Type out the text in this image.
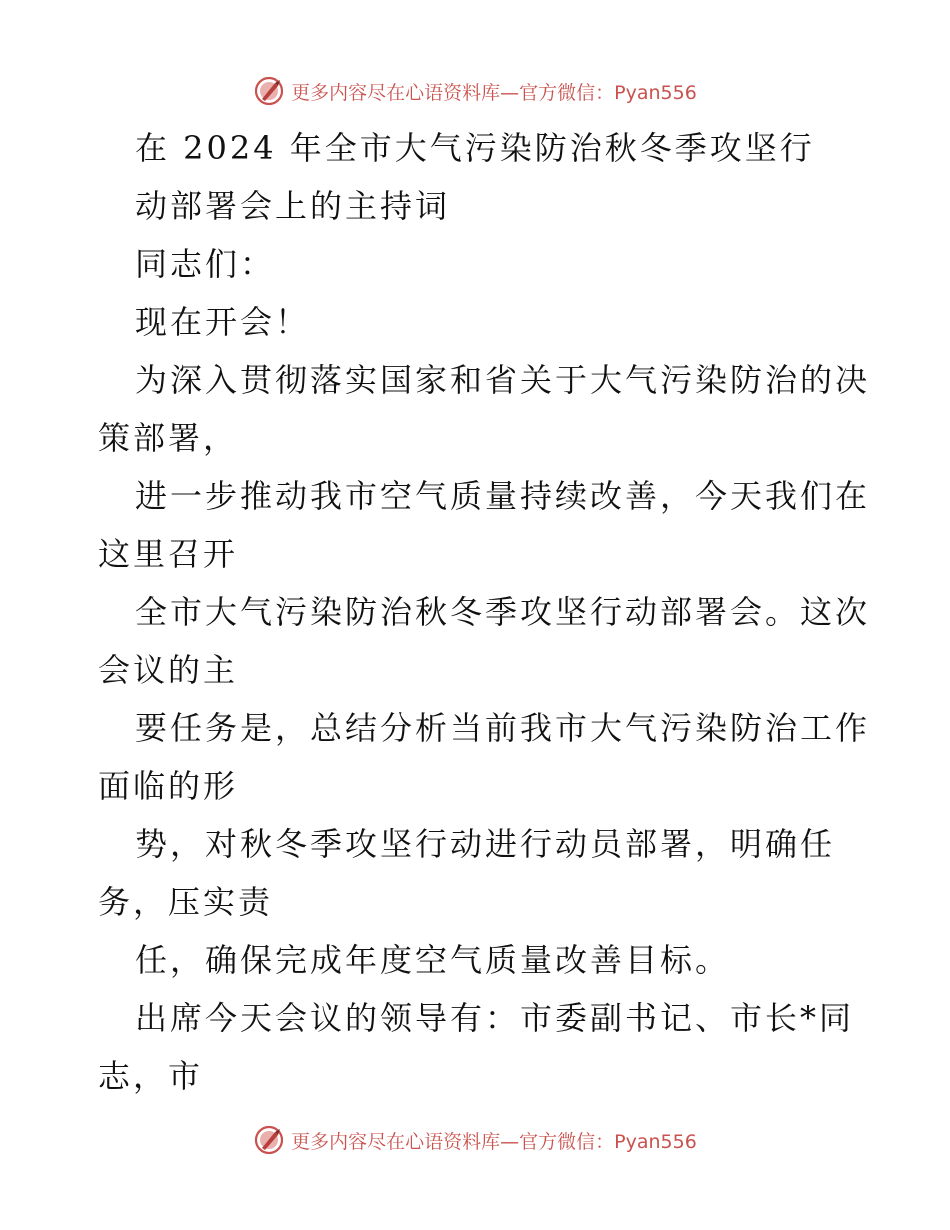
更多内容尽在心语资料库—官方微信：Pyan556
在 2024 年全市大气污染防治秋冬季攻坚行
动部署会上的主持词
同志们：
现在开会！
为深入贯彻落实国家和省关于大气污染防治的决
策部署，
进一步推动我市空气质量持续改善，今天我们在
这里召开
全市大气污染防治秋冬季攻坚行动部署会。这次
会议的主
要任务是，总结分析当前我市大气污染防治工作
面临的形
势，对秋冬季攻坚行动进行动员部署，明确任
务，压实责
任，确保完成年度空气质量改善目标。
出席今天会议的领导有：市委副书记、市长*同
志，市
更多内容尽在心语资料库—官方微信：Pyan556
